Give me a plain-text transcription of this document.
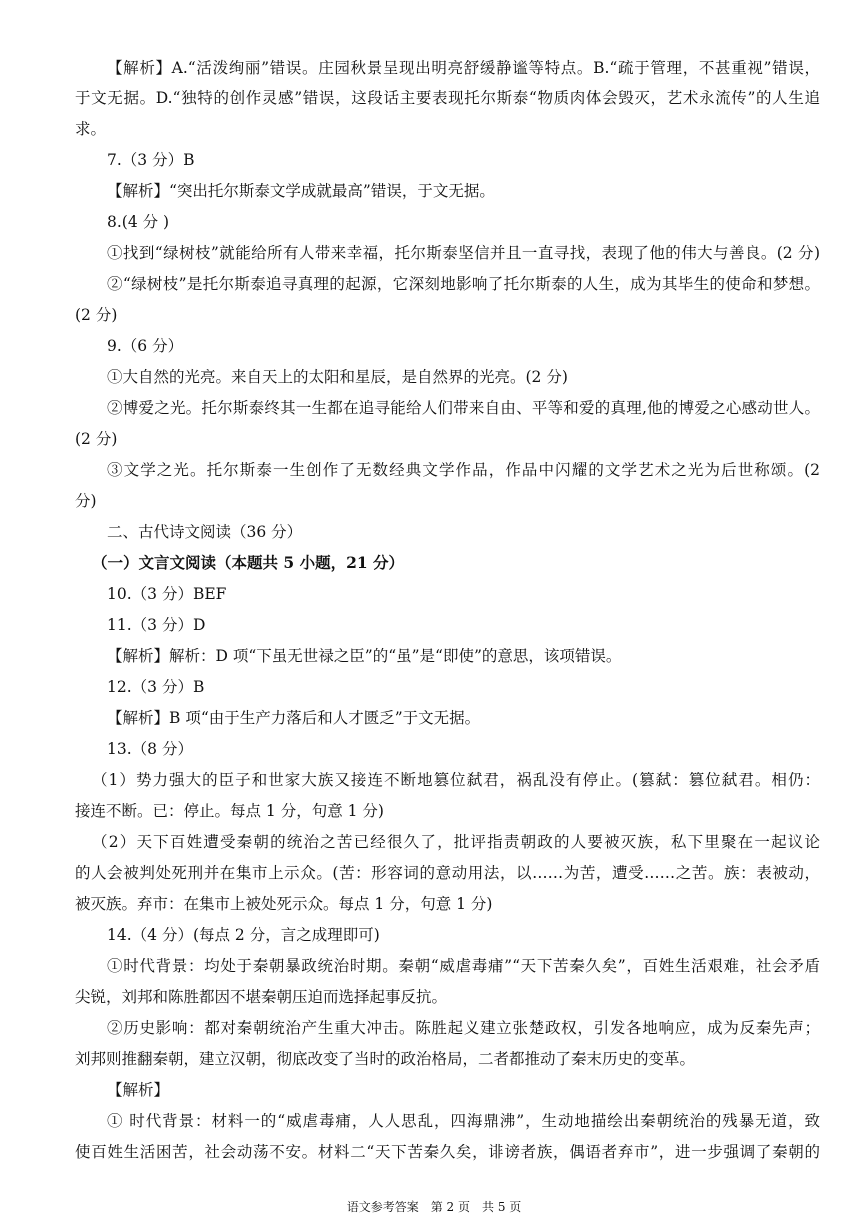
【解析】A.“活泼绚丽”错误。庄园秋景呈现出明亮舒缓静谧等特点。B.“疏于管理，不甚重视”错误，
于文无据。D.“独特的创作灵感”错误，这段话主要表现托尔斯泰“物质肉体会毁灭，艺术永流传”的人生追
求。
7.（3 分）B
【解析】“突出托尔斯泰文学成就最高”错误，于文无据。
8.(4 分 )
①找到“绿树枝”就能给所有人带来幸福，托尔斯泰坚信并且一直寻找，表现了他的伟大与善良。(2 分)
②“绿树枝”是托尔斯泰追寻真理的起源，它深刻地影响了托尔斯泰的人生，成为其毕生的使命和梦想。
(2 分)
9.（6 分）
①大自然的光亮。来自天上的太阳和星辰，是自然界的光亮。(2 分)
②博爱之光。托尔斯泰终其一生都在追寻能给人们带来自由、平等和爱的真理,他的博爱之心感动世人。
(2 分)
③文学之光。托尔斯泰一生创作了无数经典文学作品，作品中闪耀的文学艺术之光为后世称颂。(2
分)
二、古代诗文阅读（36 分）
（一）文言文阅读（本题共 5 小题，21 分）
10.（3 分）BEF
11.（3 分）D
【解析】解析：D 项“下虽无世禄之臣”的“虽”是“即使”的意思，该项错误。
12.（3 分）B
【解析】B 项“由于生产力落后和人才匮乏”于文无据。
13.（8 分）
（1）势力强大的臣子和世家大族又接连不断地篡位弑君，祸乱没有停止。(篡弑：篡位弑君。相仍：
接连不断。已：停止。每点 1 分，句意 1 分)
（2）天下百姓遭受秦朝的统治之苦已经很久了，批评指责朝政的人要被灭族，私下里聚在一起议论
的人会被判处死刑并在集市上示众。(苦：形容词的意动用法，以……为苦，遭受……之苦。族：表被动，
被灭族。弃市：在集市上被处死示众。每点 1 分，句意 1 分)
14.（4 分）(每点 2 分，言之成理即可)
①时代背景：均处于秦朝暴政统治时期。秦朝“威虐毒痡”“天下苦秦久矣”，百姓生活艰难，社会矛盾
尖锐，刘邦和陈胜都因不堪秦朝压迫而选择起事反抗。
②历史影响：都对秦朝统治产生重大冲击。陈胜起义建立张楚政权，引发各地响应，成为反秦先声；
刘邦则推翻秦朝，建立汉朝，彻底改变了当时的政治格局，二者都推动了秦末历史的变革。
【解析】
① 时代背景：材料一的“威虐毒痡，人人思乱，四海鼎沸”，生动地描绘出秦朝统治的残暴无道，致
使百姓生活困苦，社会动荡不安。材料二“天下苦秦久矣，诽谤者族，偶语者弃市”，进一步强调了秦朝的
语文参考答案　第 2 页　共 5 页
